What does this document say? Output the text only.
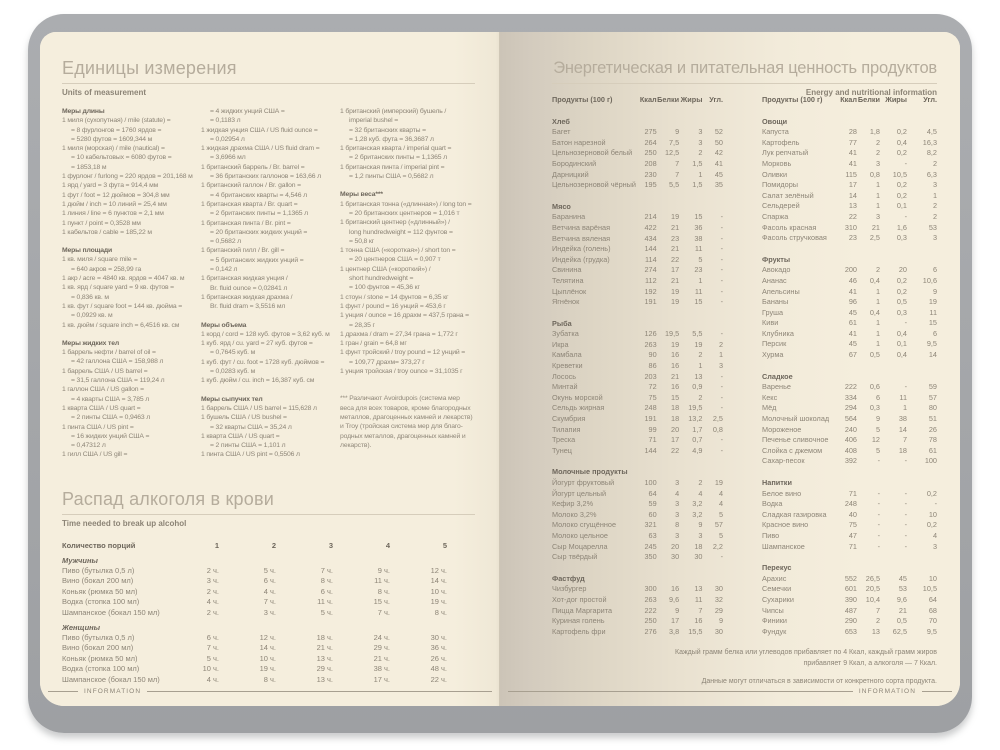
Единицы измерения
Units of measurement
Меры длины
1 миля (сухопутная) / mile (statute) =
= 8 фурлонгов = 1760 ярдов =
= 5280 футов = 1609,344 м
1 миля (морская) / mile (nautical) =
= 10 кабельтовых = 6080 футов =
= 1853,18 м
1 фурлонг / furlong = 220 ярдов = 201,168 м
1 ярд / yard = 3 фута = 914,4 мм
1 фут / foot = 12 дюймов = 304,8 мм
1 дюйм / inch = 10 линий = 25,4 мм
1 линия / line = 6 пунктов = 2,1 мм
1 пункт / point = 0,3528 мм
1 кабельтов / cable = 185,22 м
Меры площади
1 кв. миля / square mile =
= 640 акров = 258,99 га
1 акр / acre = 4840 кв. ярдов = 4047 кв. м
1 кв. ярд / square yard = 9 кв. футов =
= 0,836 кв. м
1 кв. фут / square foot = 144 кв. дюйма =
= 0,0929 кв. м
1 кв. дюйм / square inch = 6,4516 кв. см
Меры жидких тел
1 баррель нефти / barrel of oil =
= 42 галлона США = 158,988 л
1 баррель США / US barrel =
= 31,5 галлона США = 119,24 л
1 галлон США / US gallon =
= 4 кварты США = 3,785 л
1 кварта США / US quart =
= 2 пинты США = 0,9463 л
1 пинта США / US pint =
= 16 жидких унций США =
= 0,47312 л
1 гилл США / US gill =
= 4 жидких унций США =
= 0,1183 л
1 жидкая унция США / US fluid ounce =
= 0,02954 л
1 жидкая драхма США / US fluid dram =
= 3,6966 мл
1 британский баррель / Br. barrel =
= 36 британских галлонов = 163,66 л
1 британский галлон / Br. gallon =
= 4 британских кварты = 4,546 л
1 британская кварта / Br. quart =
= 2 британских пинты = 1,1365 л
1 британская пинта / Br. pint =
= 20 британских жидких унций =
= 0,5682 л
1 британский гилл / Br. gill =
= 5 британских жидких унций =
= 0,142 л
1 британская жидкая унция /
Br. fluid ounce = 0,02841 л
1 британская жидкая драхма /
Br. fluid dram = 3,5516 мл
Меры объема
1 корд / cord = 128 куб. футов = 3,62 куб. м
1 куб. ярд / cu. yard = 27 куб. футов =
= 0,7645 куб. м
1 куб. фут / cu. foot = 1728 куб. дюймов =
= 0,0283 куб. м
1 куб. дюйм / cu. inch = 16,387 куб. см
Меры сыпучих тел
1 баррель США / US barrel = 115,628 л
1 бушель США / US bushel =
= 32 кварты США = 35,24 л
1 кварта США / US quart =
= 2 пинты США = 1,101 л
1 пинта США / US pint = 0,5506 л
1 британский (имперский) бушель /
imperial bushel =
= 32 британских кварты =
= 1,28 куб. фута = 36,3687 л
1 британская кварта / imperial quart =
= 2 британских пинты = 1,1365 л
1 британская пинта / imperial pint =
= 1,2 пинты США = 0,5682 л
Меры веса***
1 британская тонна («длинная») / long ton =
= 20 британских центнеров = 1,016 т
1 британский центнер («длинный») /
long hundredweight = 112 фунтов =
= 50,8 кг
1 тонна США («короткая») / short ton =
= 20 центнеров США = 0,907 т
1 центнер США («короткий») /
short hundredweight =
= 100 фунтов = 45,36 кг
1 стоун / stone = 14 фунтов = 6,35 кг
1 фунт / pound = 16 унций = 453,6 г
1 унция / ounce = 16 драхм = 437,5 грана =
= 28,35 г
1 драхма / dram = 27,34 грана = 1,772 г
1 гран / grain = 64,8 мг
1 фунт тройский / troy pound = 12 унций =
= 109,77 драхм= 373,27 г
1 унция тройская / troy ounce = 31,1035 г
*** Различают Avoirdupois (система мер
веса для всех товаров, кроме благородных
металлов, драгоценных камней и лекарств)
и Troy (тройская система мер для благо-
родных металлов, драгоценных камней и
лекарств).
Распад алкоголя в крови
Time needed to break up alcohol
Количество порций	1	2	3	4	5
Мужчины					
Пиво (бутылка 0,5 л)	2 ч.	5 ч.	7 ч.	9 ч.	12 ч.
Вино (бокал 200 мл)	3 ч.	6 ч.	8 ч.	11 ч.	14 ч.
Коньяк (рюмка 50 мл)	2 ч.	4 ч.	6 ч.	8 ч.	10 ч.
Водка (стопка 100 мл)	4 ч.	7 ч.	11 ч.	15 ч.	19 ч.
Шампанское (бокал 150 мл)	2 ч.	3 ч.	5 ч.	7 ч.	8 ч.
Женщины					
Пиво (бутылка 0,5 л)	6 ч.	12 ч.	18 ч.	24 ч.	30 ч.
Вино (бокал 200 мл)	7 ч.	14 ч.	21 ч.	29 ч.	36 ч.
Коньяк (рюмка 50 мл)	5 ч.	10 ч.	13 ч.	21 ч.	26 ч.
Водка (стопка 100 мл)	10 ч.	19 ч.	29 ч.	38 ч.	48 ч.
Шампанское (бокал 150 мл)	4 ч.	8 ч.	13 ч.	17 ч.	22 ч.
INFORMATION
Энергетическая и питательная ценность продуктов
Energy and nutritional information
Продукты (100 г)	Ккал	Белки	Жиры	Угл.
Хлеб				
Багет	275	9	3	52
Батон нарезной	264	7,5	3	50
Цельнозерновой белый	250	12,5	2	42
Бородинский	208	7	1,5	41
Дарницкий	230	7	1	45
Цельнозерновой чёрный	195	5,5	1,5	35
Мясо				
Баранина	214	19	15	-
Ветчина варёная	422	21	36	-
Ветчина вяленая	434	23	38	-
Индейка (голень)	144	21	11	-
Индейка (грудка)	114	22	5	-
Свинина	274	17	23	-
Телятина	112	21	1	-
Цыплёнок	192	19	11	-
Ягнёнок	191	19	15	-
Рыба				
Зубатка	126	19,5	5,5	-
Икра	263	19	19	2
Камбала	90	16	2	1
Креветки	86	16	1	3
Лосось	203	21	13	-
Минтай	72	16	0,9	-
Окунь морской	75	15	2	-
Сельдь жирная	248	18	19,5	-
Скумбрия	191	18	13,2	2,5
Тилапия	99	20	1,7	0,8
Треска	71	17	0,7	-
Тунец	144	22	4,9	-
Молочные продукты				
Йогурт фруктовый	100	3	2	19
Йогурт цельный	64	4	4	4
Кефир 3,2%	59	3	3,2	4
Молоко 3,2%	60	3	3,2	5
Молоко сгущённое	321	8	9	57
Молоко цельное	63	3	3	5
Сыр Моцарелла	245	20	18	2,2
Сыр твёрдый	350	30	30	-
Фастфуд				
Чизбургер	300	16	13	30
Хот-дог простой	263	9,6	11	32
Пицца Маргарита	222	9	7	29
Куриная голень	250	17	16	9
Картофель фри	276	3,8	15,5	30
Продукты (100 г)	Ккал	Белки	Жиры	Угл.
Овощи				
Капуста	28	1,8	0,2	4,5
Картофель	77	2	0,4	16,3
Лук репчатый	41	2	0,2	8,2
Морковь	41	3	-	2
Оливки	115	0,8	10,5	6,3
Помидоры	17	1	0,2	3
Салат зелёный	14	1	0,2	1
Сельдерей	13	1	0,1	2
Спаржа	22	3	-	2
Фасоль красная	310	21	1,6	53
Фасоль стручковая	23	2,5	0,3	3
Фрукты				
Авокадо	200	2	20	6
Ананас	46	0,4	0,2	10,6
Апельсины	41	1	0,2	9
Бананы	96	1	0,5	19
Груша	45	0,4	0,3	11
Киви	61	1	-	15
Клубника	41	1	0,4	6
Персик	45	1	0,1	9,5
Хурма	67	0,5	0,4	14
Сладкое				
Варенье	222	0,6	-	59
Кекс	334	6	11	57
Мёд	294	0,3	1	80
Молочный шоколад	564	9	38	51
Мороженое	240	5	14	26
Печенье сливочное	406	12	7	78
Слойка с джемом	408	5	18	61
Сахар-песок	392	-	-	100
Напитки				
Белое вино	71	-	-	0,2
Водка	248	-	-	-
Сладкая газировка	40	-	-	10
Красное вино	75	-	-	0,2
Пиво	47	-	-	4
Шампанское	71	-	-	3
Перекус				
Арахис	552	26,5	45	10
Семечки	601	20,5	53	10,5
Сухарики	390	10,4	9,6	64
Чипсы	487	7	21	68
Финики	290	2	0,5	70
Фундук	653	13	62,5	9,5
Каждый грамм белка или углеводов прибавляет по 4 Ккал, каждый грамм жиров прибавляет 9 Ккал, а алкоголя — 7 Ккал.
Данные могут отличаться в зависимости от конкретного сорта продукта.
INFORMATION
